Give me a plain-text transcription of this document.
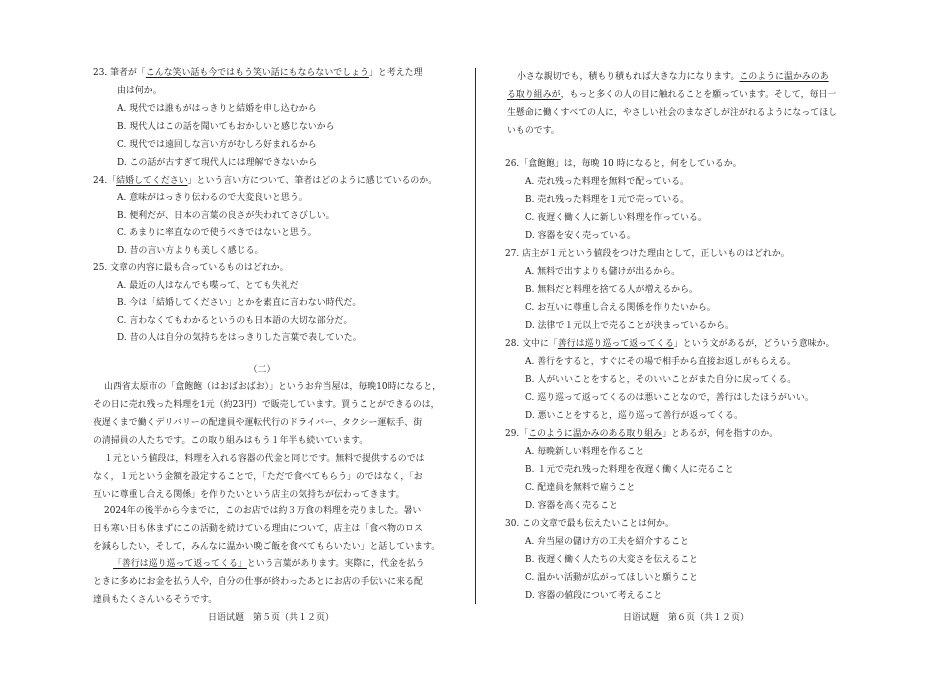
23. 筆者が「こんな笑い話も今ではもう笑い話にもならないでしょう」と考えた理
由は何か。
A. 現代では誰もがはっきりと結婚を申し込むから
B. 現代人はこの話を聞いてもおかしいと感じないから
C. 現代では遠回しな言い方がむしろ好まれるから
D. この話が古すぎて現代人には理解できないから
24.「結婚してください」という言い方について、筆者はどのように感じているのか。
A. 意味がはっきり伝わるので大変良いと思う。
B. 便利だが、日本の言葉の良さが失われてさびしい。
C. あまりに率直なので使うべきではないと思う。
D. 昔の言い方よりも美しく感じる。
25. 文章の内容に最も合っているものはどれか。
A. 最近の人はなんでも喋って、とても失礼だ
B. 今は「結婚してください」とかを素直に言わない時代だ。
C. 言わなくてもわかるというのも日本語の大切な部分だ。
D. 昔の人は自分の気持ちをはっきりした言葉で表していた。
（二）
山西省太原市の「盒飽飽（はおばおばお）」というお弁当屋は，毎晩10時になると，
その日に売れ残った料理を1元（約23円）で販売しています。買うことができるのは，
夜遅くまで働くデリバリーの配達員や運転代行のドライバー、タクシー運転手、街
の清掃員の人たちです。この取り組みはもう１年半も続いています。
１元という値段は，料理を入れる容器の代金と同じです。無料で提供するのでは
なく，１元という金額を設定することで，「ただで食べてもらう」のではなく，「お
互いに尊重し合える関係」を作りたいという店主の気持ちが伝わってきます。
2024年の後半から今までに，このお店では約３万食の料理を売りました。暑い
日も寒い日も休まずにこの活動を続けている理由について，店主は「食べ物のロス
を減らしたい，そして，みんなに温かい晩ご飯を食べてもらいたい」と話しています。
「善行は巡り巡って返ってくる」という言葉があります。実際に，代金を払う
ときに多めにお金を払う人や，自分の仕事が終わったあとにお店の手伝いに来る配
達員もたくさんいるそうです。
日语试题　第５页（共１２页）
小さな親切でも，積もり積もれば大きな力になります。このように温かみのあ
る取り組みが，もっと多くの人の目に触れることを願っています。そして，毎日一
生懸命に働くすべての人に，やさしい社会のまなざしが注がれるようになってほし
いものです。
26.「盒飽飽」は，毎晩 10 時になると，何をしているか。
A. 売れ残った料理を無料で配っている。
B. 売れ残った料理を１元で売っている。
C. 夜遅く働く人に新しい料理を作っている。
D. 容器を安く売っている。
27. 店主が１元という値段をつけた理由として，正しいものはどれか。
A. 無料で出すよりも儲けが出るから。
B. 無料だと料理を捨てる人が増えるから。
C. お互いに尊重し合える関係を作りたいから。
D. 法律で１元以上で売ることが決まっているから。
28. 文中に「善行は巡り巡って返ってくる」という文があるが，どういう意味か。
A. 善行をすると，すぐにその場で相手から直接お返しがもらえる。
B. 人がいいことをすると，そのいいことがまた自分に戻ってくる。
C. 巡り巡って返ってくるのは悪いことなので，善行はしたほうがいい。
D. 悪いことをすると，巡り巡って善行が返ってくる。
29.「このように温かみのある取り組み」とあるが，何を指すのか。
A. 毎晩新しい料理を作ること
B. １元で売れ残った料理を夜遅く働く人に売ること
C. 配達員を無料で雇うこと
D. 容器を高く売ること
30. この文章で最も伝えたいことは何か。
A. 弁当屋の儲け方の工夫を紹介すること
B. 夜遅く働く人たちの大変さを伝えること
C. 温かい活動が広がってほしいと願うこと
D. 容器の値段について考えること
日语试题　第６页（共１２页）
